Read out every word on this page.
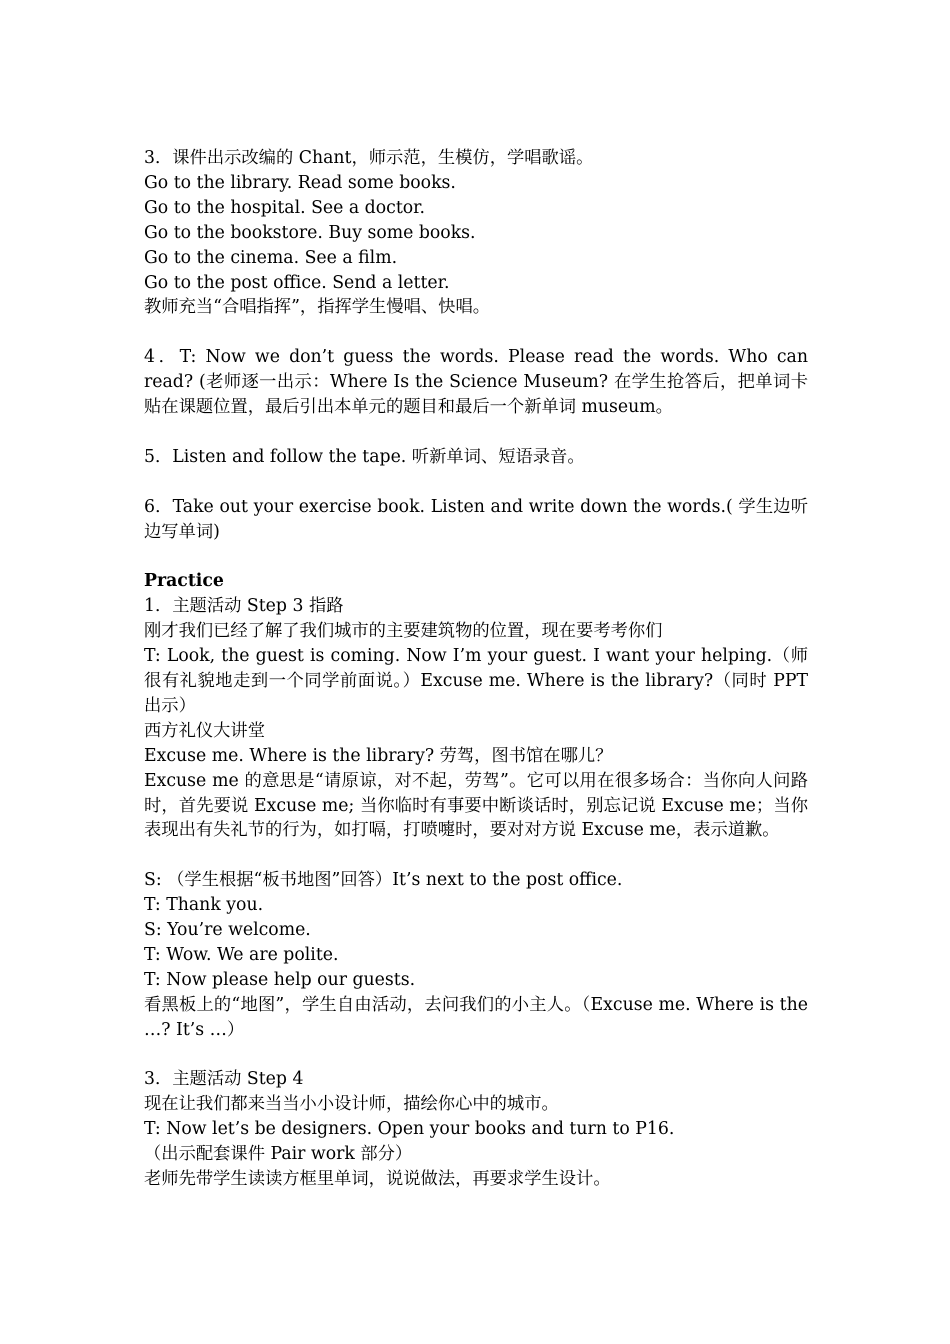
3．课件出示改编的 Chant，师示范，生模仿，学唱歌谣。
Go to the library. Read some books.
Go to the hospital. See a doctor.
Go to the bookstore. Buy some books.
Go to the cinema. See a film.
Go to the post office. Send a letter.
教师充当“合唱指挥”，指挥学生慢唱、快唱。
4．T: Now we don’t guess the words. Please read the words. Who can read? (老师逐一出示：Where Is the Science Museum? 在学生抢答后，把单词卡贴在课题位置，最后引出本单元的题目和最后一个新单词 museum。
5．Listen and follow the tape. 听新单词、短语录音。
6．Take out your exercise book. Listen and write down the words.( 学生边听边写单词)
Practice
1．主题活动 Step 3 指路
刚才我们已经了解了我们城市的主要建筑物的位置，现在要考考你们
T: Look, the guest is coming. Now I’m your guest. I want your helping.（师很有礼貌地走到一个同学前面说。）Excuse me. Where is the library?（同时 PPT 出示）
西方礼仪大讲堂
Excuse me. Where is the library? 劳驾，图书馆在哪儿？
Excuse me 的意思是“请原谅，对不起，劳驾”。它可以用在很多场合：当你向人问路时，首先要说 Excuse me; 当你临时有事要中断谈话时，别忘记说 Excuse me；当你表现出有失礼节的行为，如打嗝，打喷嚏时，要对对方说 Excuse me，表示道歉。
S: （学生根据“板书地图”回答）It’s next to the post office.
T: Thank you.
S: You’re welcome.
T: Wow. We are polite.
T: Now please help our guests.
看黑板上的“地图”，学生自由活动，去问我们的小主人。（Excuse me. Where is the …? It’s …）
3．主题活动 Step 4
现在让我们都来当当小小设计师，描绘你心中的城市。
T: Now let’s be designers. Open your books and turn to P16.
（出示配套课件 Pair work 部分）
老师先带学生读读方框里单词，说说做法，再要求学生设计。
